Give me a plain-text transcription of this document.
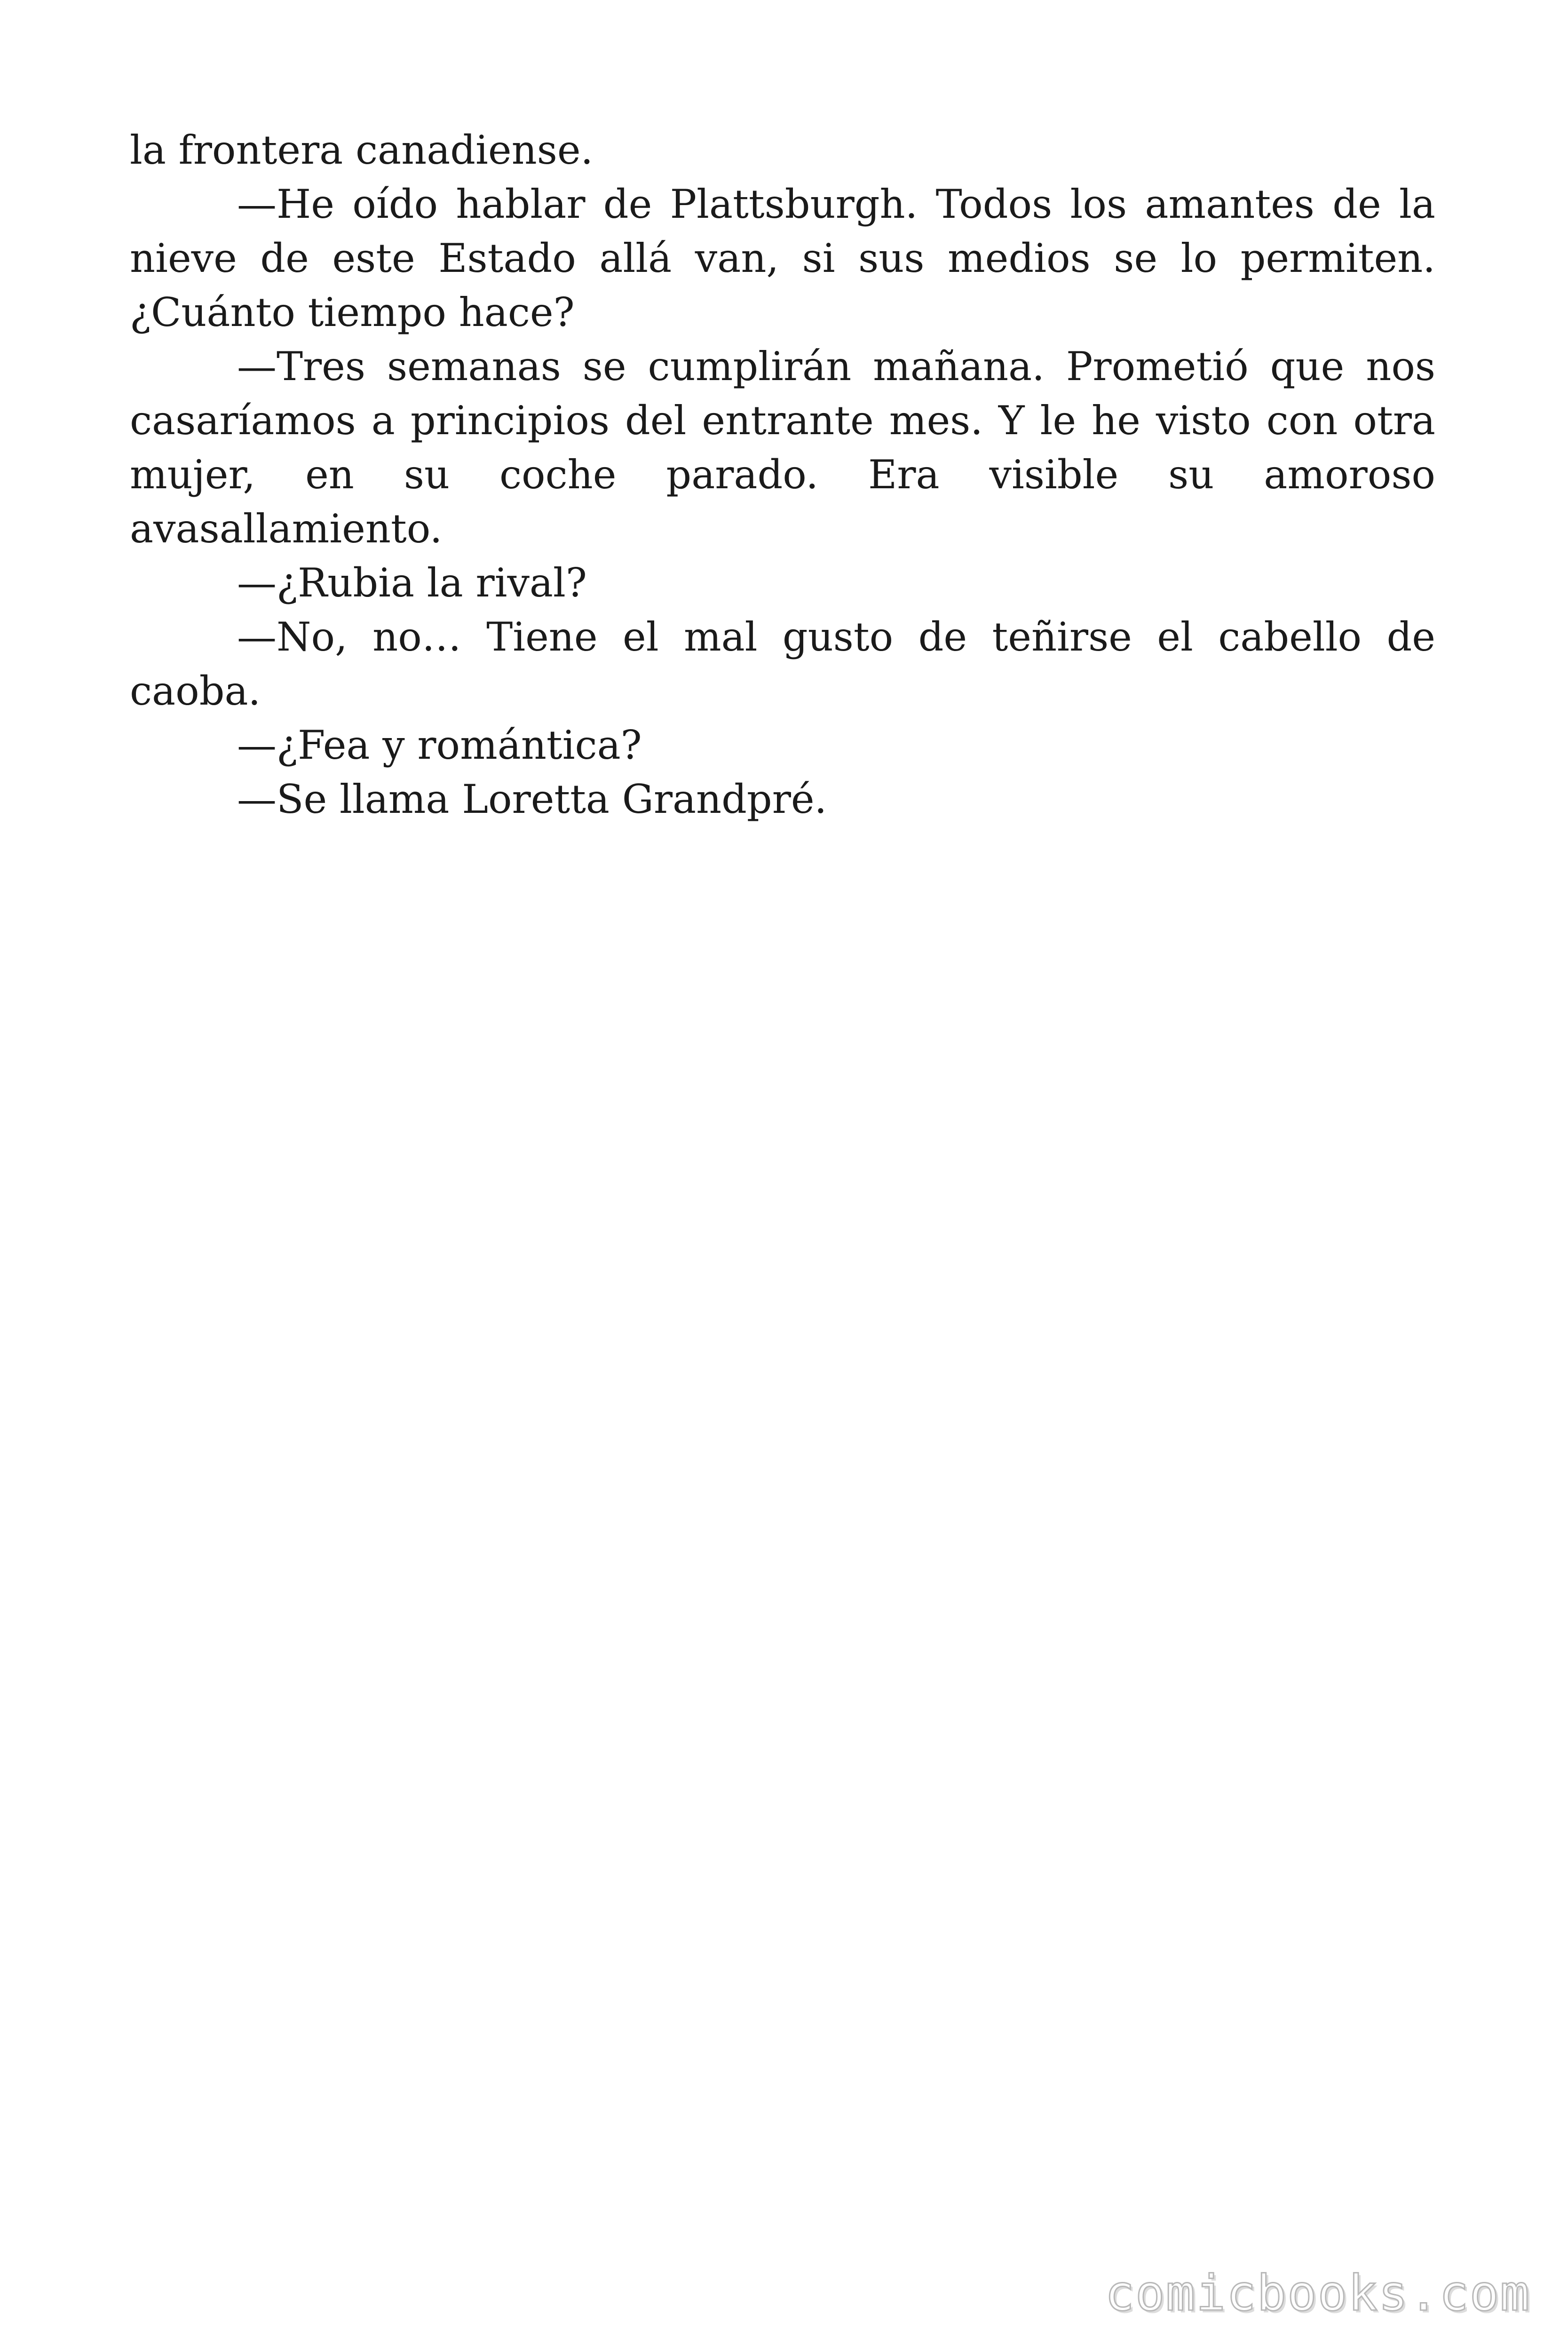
la frontera canadiense.

—He oído hablar de Plattsburgh. Todos los amantes de la nieve de este Estado allá van, si sus medios se lo permiten. ¿Cuánto tiempo hace?

—Tres semanas se cumplirán mañana. Prometió que nos casaríamos a principios del entrante mes. Y le he visto con otra mujer, en su coche parado. Era visible su amoroso avasallamiento.

—¿Rubia la rival?

—No, no… Tiene el mal gusto de teñirse el cabello de caoba.

—¿Fea y romántica?

—Se llama Loretta Grandpré.

comicbooks.com
